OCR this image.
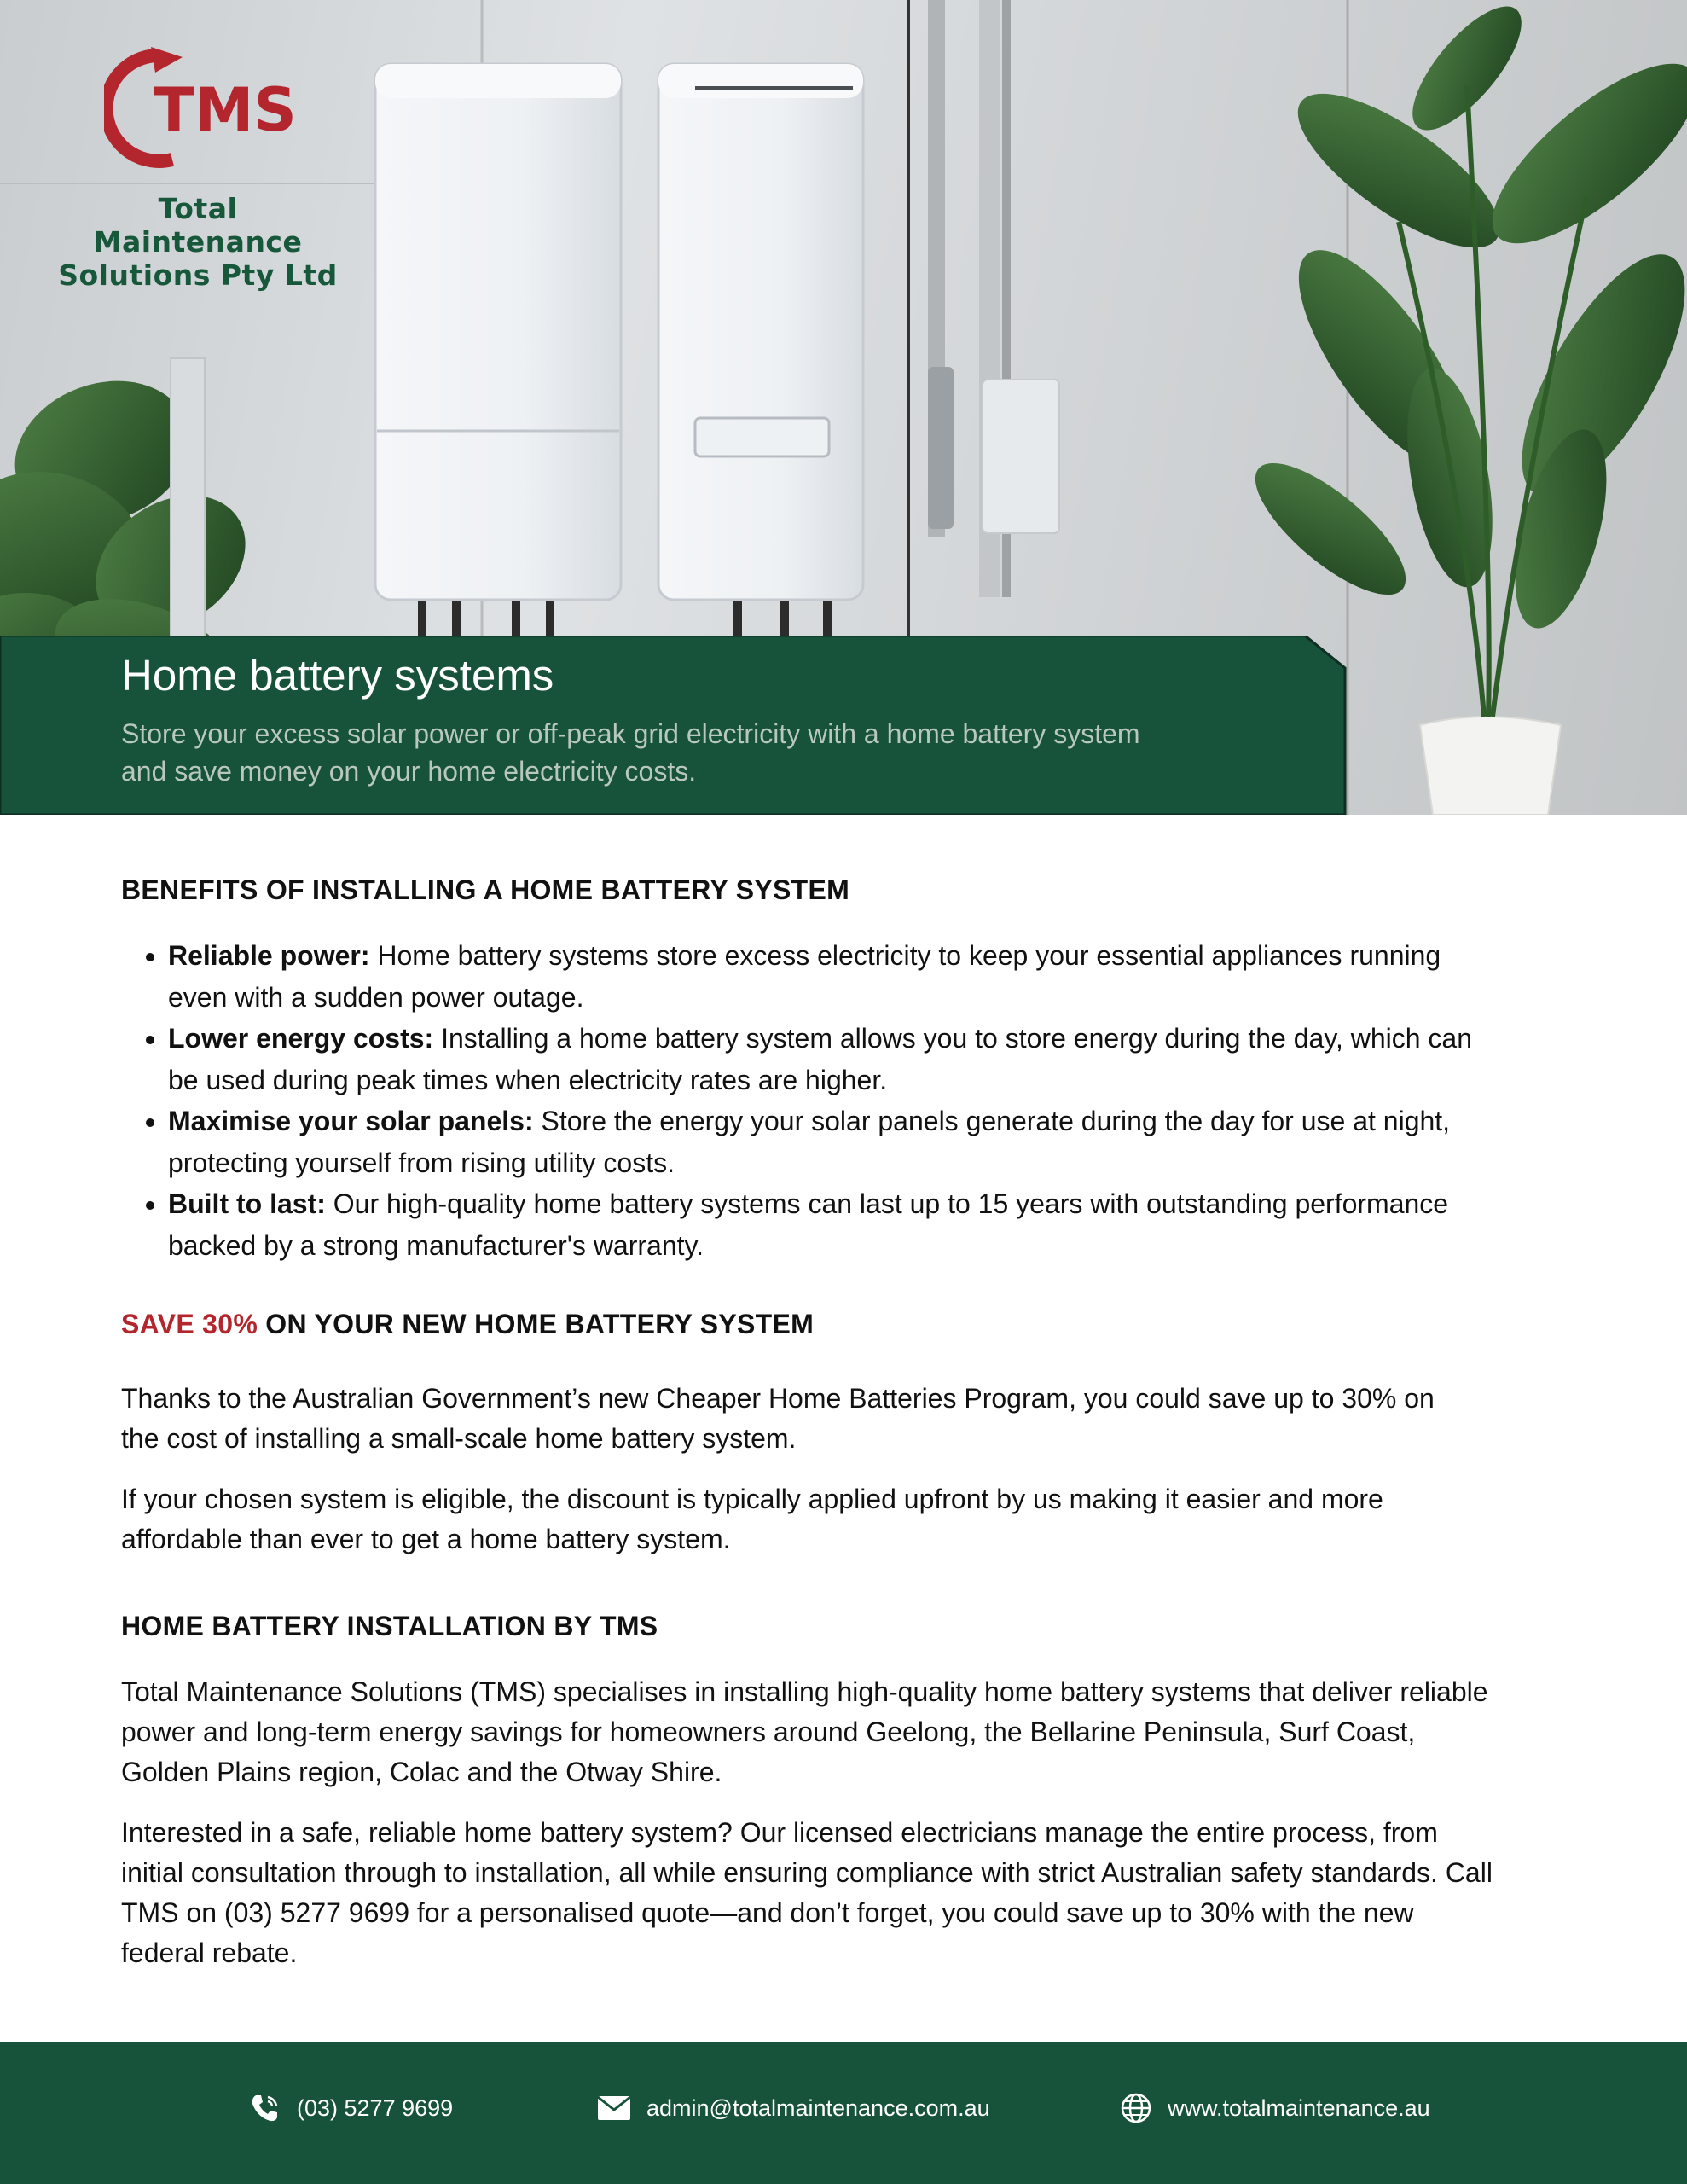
TMS
Total Maintenance
Solutions Pty Ltd
Home battery systems
Store your excess solar power or off-peak grid electricity with a home battery system and save money on your home electricity costs.
BENEFITS OF INSTALLING A HOME BATTERY SYSTEM
• Reliable power: Home battery systems store excess electricity to keep your essential appliances running even with a sudden power outage.
• Lower energy costs: Installing a home battery system allows you to store energy during the day, which can be used during peak times when electricity rates are higher.
• Maximise your solar panels: Store the energy your solar panels generate during the day for use at night, protecting yourself from rising utility costs.
• Built to last: Our high-quality home battery systems can last up to 15 years with outstanding performance backed by a strong manufacturer's warranty.
SAVE 30% ON YOUR NEW HOME BATTERY SYSTEM

Thanks to the Australian Government’s new Cheaper Home Batteries Program, you could save up to 30% on the cost of installing a small-scale home battery system.

If your chosen system is eligible, the discount is typically applied upfront by us making it easier and more affordable than ever to get a home battery system.

HOME BATTERY INSTALLATION BY TMS

Total Maintenance Solutions (TMS) specialises in installing high-quality home battery systems that deliver reliable power and long-term energy savings for homeowners around Geelong, the Bellarine Peninsula, Surf Coast, Golden Plains region, Colac and the Otway Shire.

Interested in a safe, reliable home battery system? Our licensed electricians manage the entire process, from initial consultation through to installation, all while ensuring compliance with strict Australian safety standards. Call TMS on (03) 5277 9699 for a personalised quote—and don’t forget, you could save up to 30% with the new federal rebate.

(03) 5277 9699	admin@totalmaintenance.com.au	www.totalmaintenance.au
